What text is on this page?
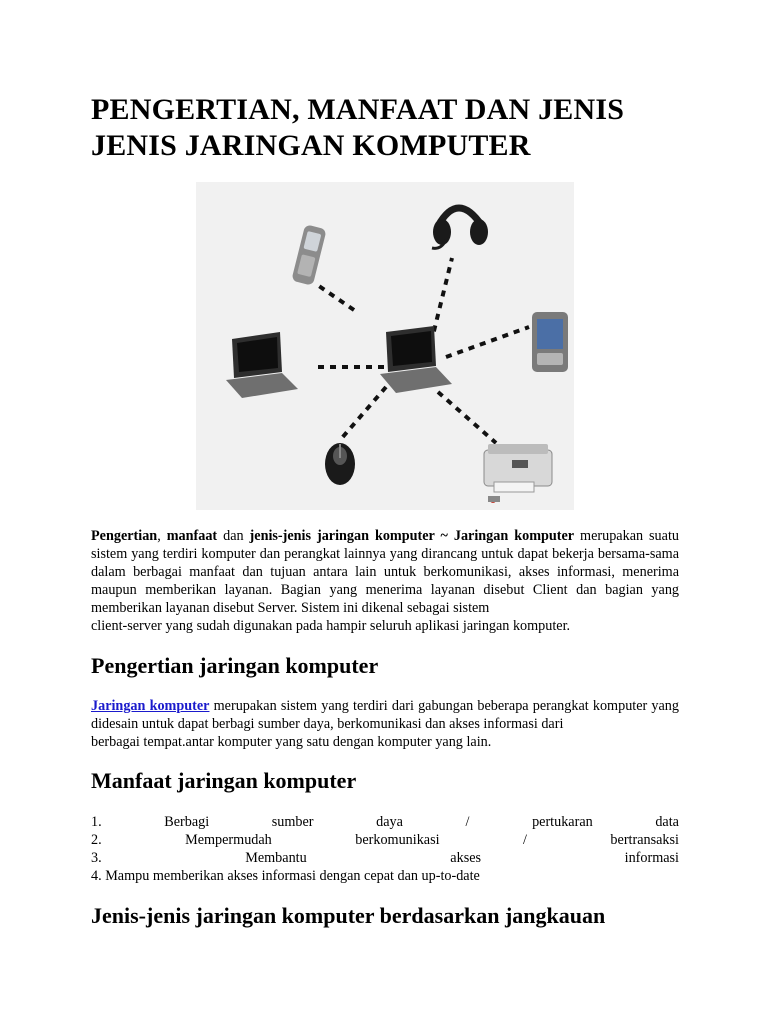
PENGERTIAN, MANFAAT DAN JENIS JENIS JARINGAN KOMPUTER

Pengertian, manfaat dan jenis-jenis jaringan komputer ~ Jaringan komputer merupakan suatu sistem yang terdiri komputer dan perangkat lainnya yang dirancang untuk dapat bekerja bersama-sama dalam berbagai manfaat dan tujuan antara lain untuk berkomunikasi, akses informasi, menerima maupun memberikan layanan. Bagian yang menerima layanan disebut Client dan bagian yang memberikan layanan disebut Server. Sistem ini dikenal sebagai sistem
client-server yang sudah digunakan pada hampir seluruh aplikasi jaringan komputer.

Pengertian jaringan komputer

Jaringan komputer merupakan sistem yang terdiri dari gabungan beberapa perangkat komputer yang didesain untuk dapat berbagi sumber daya, berkomunikasi dan akses informasi dari
berbagai tempat.antar komputer yang satu dengan komputer yang lain.

Manfaat jaringan komputer
1.	Berbagi	sumber	daya	/	pertukaran	data
2.	Mempermudah	berkomunikasi	/	bertransaksi
3.	Membantu	akses	informasi
4. Mampu memberikan akses informasi dengan cepat dan up-to-date
Jenis-jenis jaringan komputer berdasarkan jangkauan
